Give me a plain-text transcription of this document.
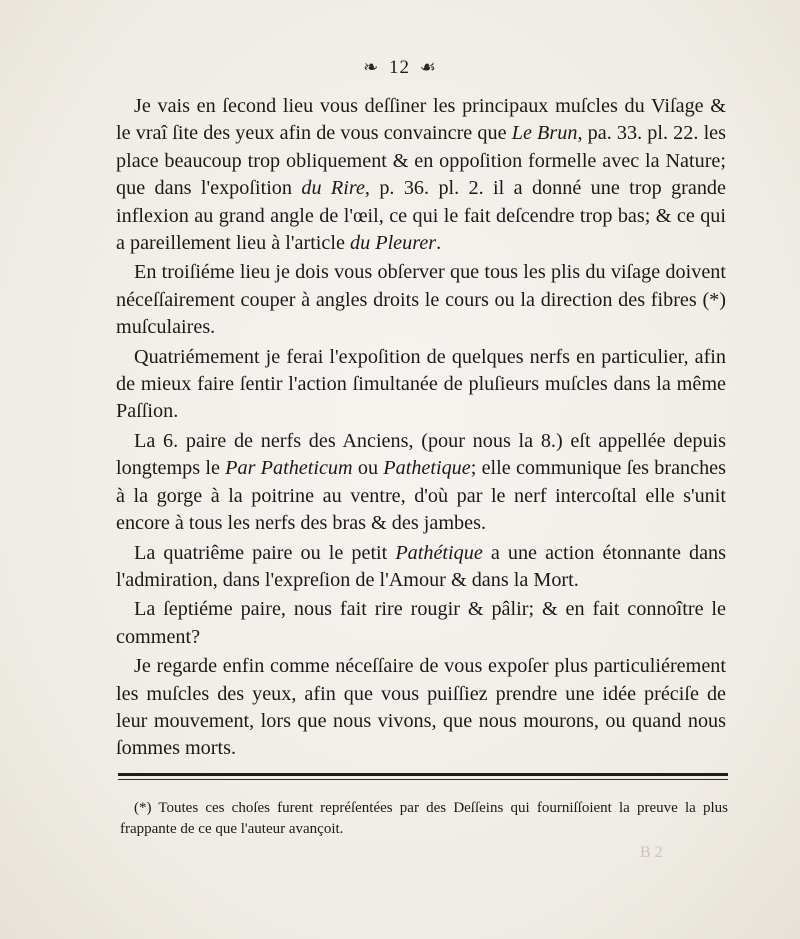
❧ 12 ☙

Je vais en ſecond lieu vous deſſiner les principaux muſcles du Viſage & le vraî ſite des yeux afin de vous convaincre que Le Brun, pa. 33. pl. 22. les place beaucoup trop obliquement & en oppoſition formelle avec la Nature; que dans l'expoſition du Rire, p. 36. pl. 2. il a donné une trop grande inflexion au grand angle de l'œil, ce qui le fait deſcendre trop bas; & ce qui a pareillement lieu à l'article du Pleurer.

En troiſiéme lieu je dois vous obſerver que tous les plis du viſage doivent néceſſairement couper à angles droits le cours ou la direction des fibres (*) muſculaires.

Quatriémement je ferai l'expoſition de quelques nerfs en particulier, afin de mieux faire ſentir l'action ſimultanée de pluſieurs muſcles dans la même Paſſion.

La 6. paire de nerfs des Anciens, (pour nous la 8.) eſt appellée depuis longtemps le Par Patheticum ou Pathetique; elle communique ſes branches à la gorge à la poitrine au ventre, d'où par le nerf intercoſtal elle s'unit encore à tous les nerfs des bras & des jambes.

La quatriême paire ou le petit Pathétique a une action étonnante dans l'admiration, dans l'expreſion de l'Amour & dans la Mort.

La ſeptiéme paire, nous fait rire rougir & pâlir; & en fait connoître le comment?

Je regarde enfin comme néceſſaire de vous expoſer plus particuliérement les muſcles des yeux, afin que vous puiſſiez prendre une idée préciſe de leur mouvement, lors que nous vivons, que nous mourons, ou quand nous ſommes morts.

(*) Toutes ces choſes furent repréſentées par des Deſſeins qui fourniſſoient la preuve la plus frappante de ce que l'auteur avançoit.
B 2
